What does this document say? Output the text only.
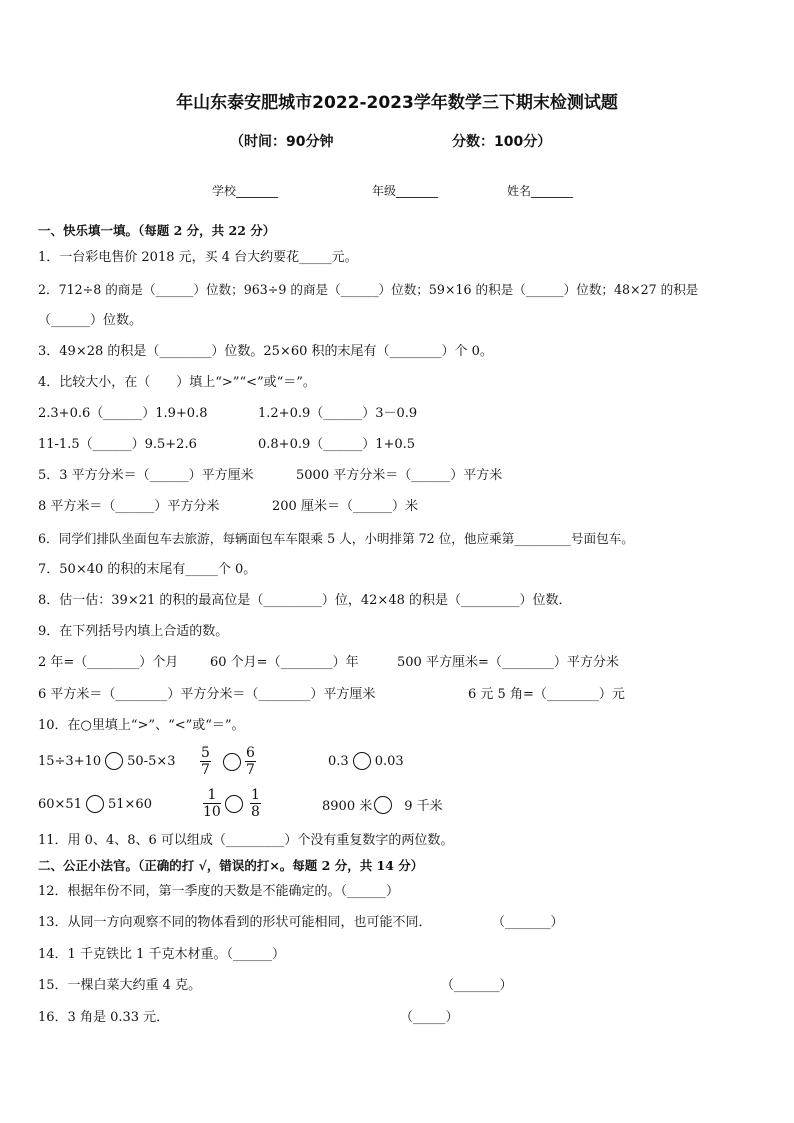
年山东泰安肥城市2022-2023学年数学三下期末检测试题
（时间：90分钟	分数：100分）
学校_______	年级_______	姓名_______
一、快乐填一填。（每题 2 分，共 22 分）
1．一台彩电售价 2018 元，买 4 台大约要花_____元。
2．712÷8 的商是（______）位数；963÷9 的商是（______）位数；59×16 的积是（______）位数；48×27 的积是
（______）位数。
3．49×28 的积是（________）位数。25×60 积的末尾有（________）个 0。
4．比较大小，在（　　）填上“>”“<”或“＝”。
2.3+0.6（______）1.9+0.8	1.2+0.9（______）3－0.9
11-1.5（______）9.5+2.6	0.8+0.9（______）1+0.5
5．3 平方分米＝（______）平方厘米	5000 平方分米＝（______）平方米
8 平方米＝（______）平方分米	200 厘米＝（______）米
6．同学们排队坐面包车去旅游，每辆面包车车限乘 5 人，小明排第 72 位，他应乘第_________号面包车。
7．50×40 的积的末尾有_____个 0。
8．估一估：39×21 的积的最高位是（_________）位，42×48 的积是（_________）位数．
9．在下列括号内填上合适的数。
2 年=（________）个月 60 个月=（________）年	500 平方厘米=（________）平方分米
6 平方米＝（________）平方分米＝（________）平方厘米	6 元 5 角=（________）元
10．在○里填上“>”、“<”或“＝”。
15÷3+10 $50-5\times 3 \frac{5}{7} \frac{6}{7}$	0.3 0.03
60×51 51×60	$\frac{1}{10} \frac{1}{8}$	8900 米 9 千米
11．用 0、4、8、6 可以组成（_________）个没有重复数字的两位数。
二、公正小法官。（正确的打 √，错误的打×。每题 2 分，共 14 分）
12．根据年份不同，第一季度的天数是不能确定的。（______）
13．从同一方向观察不同的物体看到的形状可能相同，也可能不同．	（_______）
14．1 千克铁比 1 千克木材重。（______）
15．一棵白菜大约重 4 克。	（_______）
16．3 角是 0.33 元．	（_____）
